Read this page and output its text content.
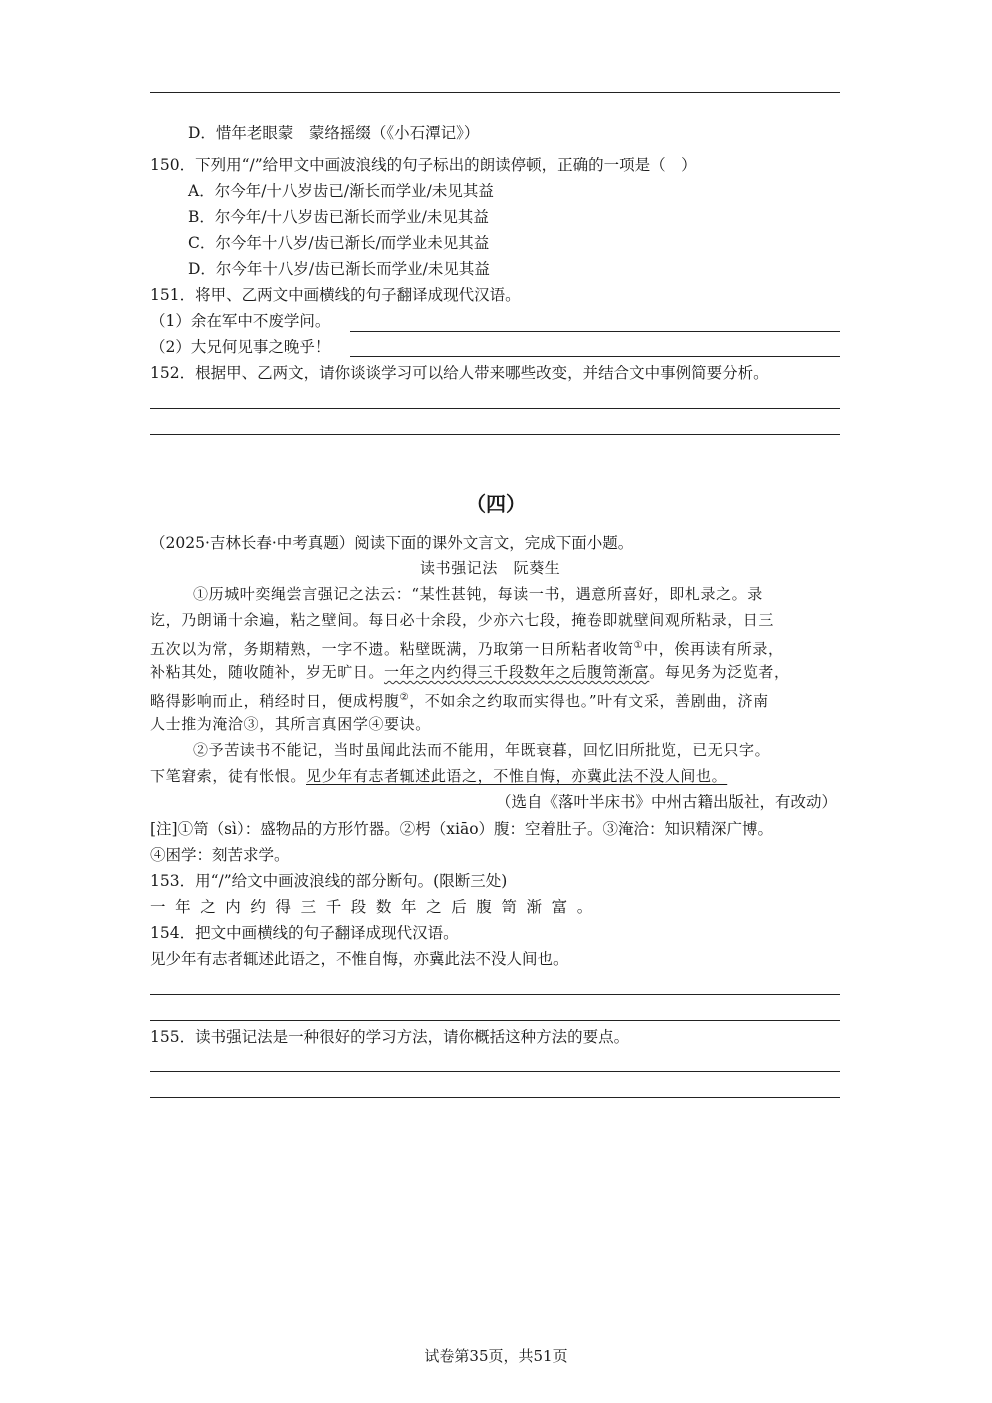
D．惜年老眼蒙　蒙络摇缀（《小石潭记》）
150．下列用“/”给甲文中画波浪线的句子标出的朗读停顿，正确的一项是（　）
A．尔今年/十八岁齿已/渐长而学业/未见其益
B．尔今年/十八岁齿已渐长而学业/未见其益
C．尔今年十八岁/齿已渐长/而学业未见其益
D．尔今年十八岁/齿已渐长而学业/未见其益
151．将甲、乙两文中画横线的句子翻译成现代汉语。
（1）余在军中不废学问。
（2）大兄何见事之晚乎！
152．根据甲、乙两文，请你谈谈学习可以给人带来哪些改变，并结合文中事例简要分析。
（四）
（2025·吉林长春·中考真题）阅读下面的课外文言文，完成下面小题。
读书强记法　阮葵生
①历城叶奕绳尝言强记之法云：“某性甚钝，每读一书，遇意所喜好，即札录之。录
讫，乃朗诵十余遍，粘之壁间。每日必十余段，少亦六七段，掩卷即就壁间观所粘录，日三
五次以为常，务期精熟，一字不遗。粘壁既满，乃取第一日所粘者收笥①中，俟再读有所录，
补粘其处，随收随补，岁无旷日。一年之内约得三千段数年之后腹笥渐富。每见务为泛览者，
略得影响而止，稍经时日，便成枵腹②，不如余之约取而实得也。”叶有文采，善剧曲，济南
人士推为淹洽③，其所言真困学④要诀。
②予苦读书不能记，当时虽闻此法而不能用，年既衰暮，回忆旧所批览，已无只字。
下笔窘索，徒有怅恨。见少年有志者辄述此语之，不惟自悔，亦冀此法不没人间也。
（选自《落叶半床书》中州古籍出版社，有改动）
[注]①笥（sì）：盛物品的方形竹器。②枵（xiāo）腹：空着肚子。③淹洽：知识精深广博。
④困学：刻苦求学。
153．用“/”给文中画波浪线的部分断句。(限断三处)
一年之内约得三千段数年之后腹笥渐富。
154．把文中画横线的句子翻译成现代汉语。
见少年有志者辄述此语之，不惟自悔，亦冀此法不没人间也。
155．读书强记法是一种很好的学习方法，请你概括这种方法的要点。
试卷第35页，共51页
